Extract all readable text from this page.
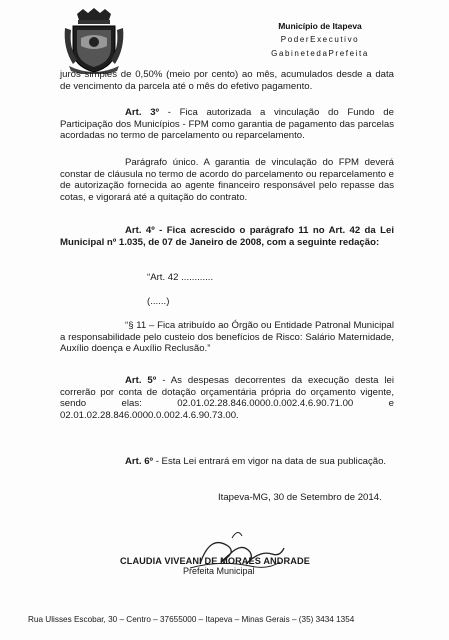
Município de Itapeva
PoderExecutivo
GabinetedaPrefeita

juros simples de 0,50% (meio por cento) ao mês, acumulados desde a data de vencimento da parcela até o mês do efetivo pagamento.

Art. 3º - Fica autorizada a vinculação do Fundo de Participação dos Municípios - FPM como garantia de pagamento das parcelas acordadas no termo de parcelamento ou reparcelamento.

Parágrafo único. A garantia de vinculação do FPM deverá constar de cláusula no termo de acordo do parcelamento ou reparcelamento e de autorização fornecida ao agente financeiro responsável pelo repasse das cotas, e vigorará até a quitação do contrato.

Art. 4º - Fica acrescido o parágrafo 11 no Art. 42 da Lei Municipal nº 1.035, de 07 de Janeiro de 2008, com a seguinte redação:

“Art. 42 ............
(......)

“§ 11 – Fica atribuído ao Órgão ou Entidade Patronal Municipal a responsabilidade pelo custeio dos benefícios de Risco: Salário Maternidade, Auxílio doença e Auxílio Reclusão.”

Art. 5º - As despesas decorrentes da execução desta lei correrão por conta de dotação orçamentária própria do orçamento vigente, sendo elas: 02.01.02.28.846.0000.0.002.4.6.90.71.00 e 02.01.02.28.846.0000.0.002.4.6.90.73.00.

Art. 6º - Esta Lei entrará em vigor na data de sua publicação.

Itapeva-MG, 30 de Setembro de 2014.
CLAUDIA VIVEANI DE MORAES ANDRADE
Prefeita Municipal
Rua Ulisses Escobar, 30 – Centro – 37655000 – Itapeva – Minas Gerais – (35) 3434 1354
